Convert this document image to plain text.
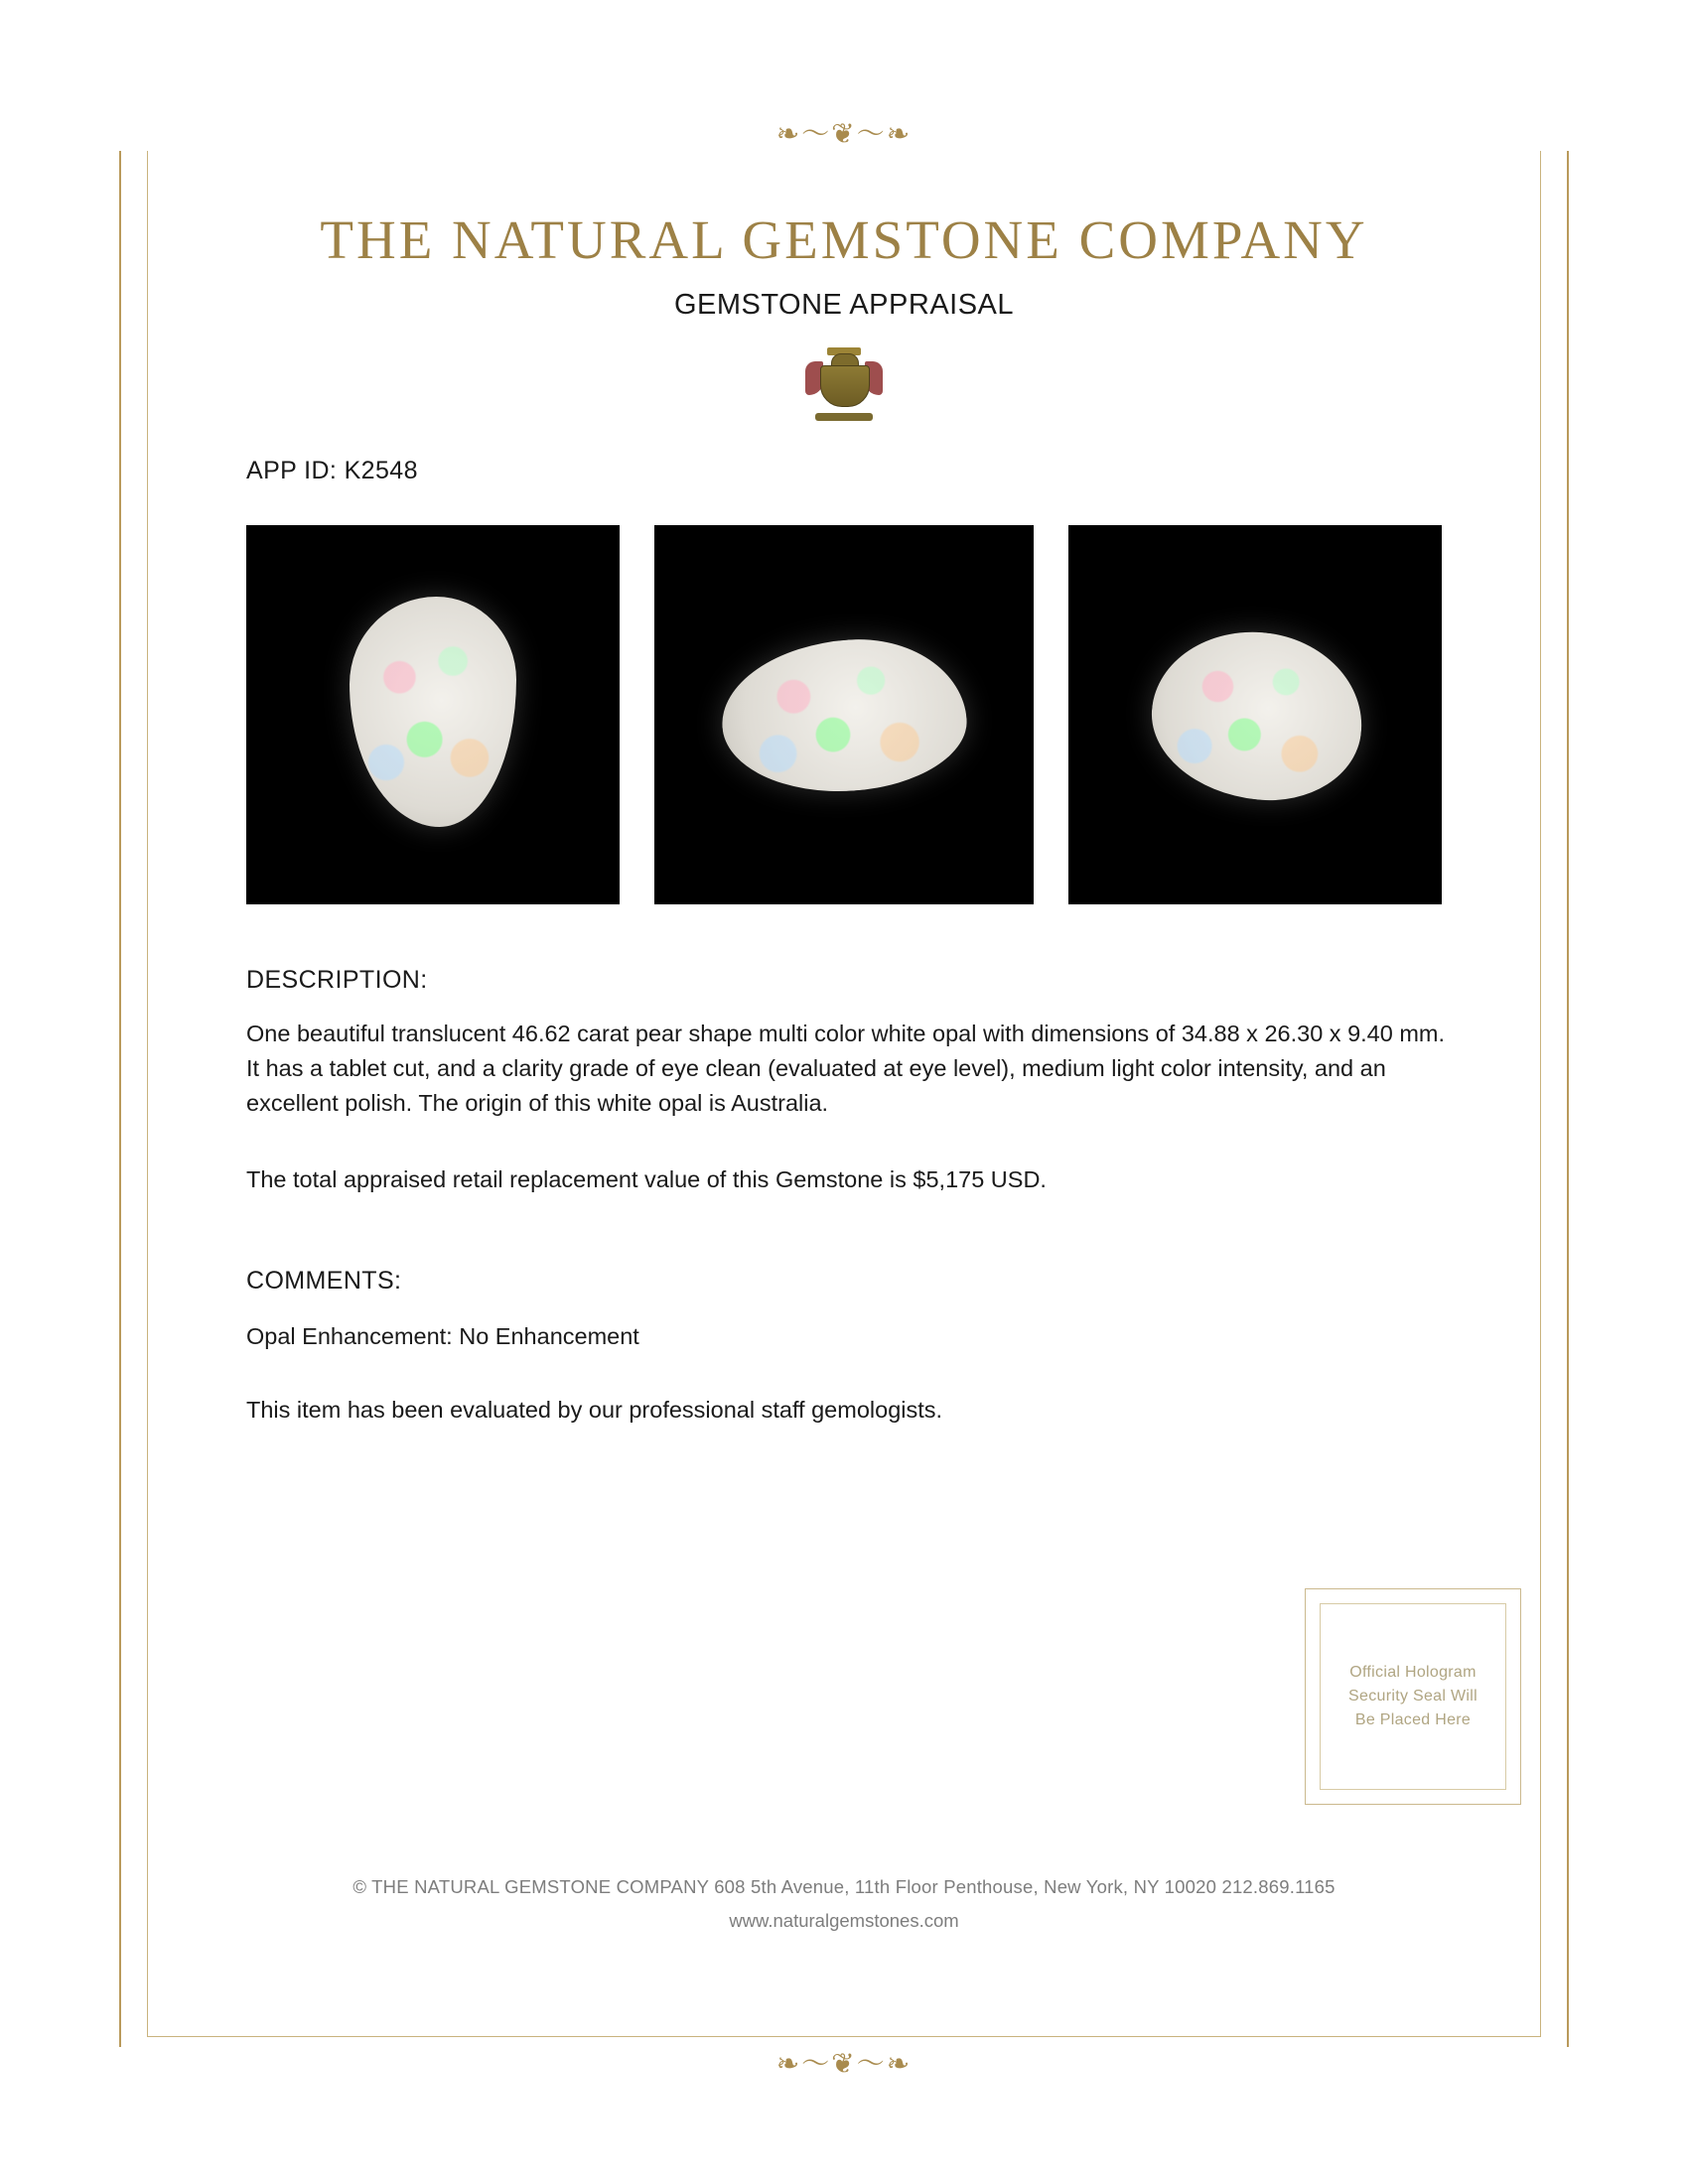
❧〜❦〜❧
THE NATURAL GEMSTONE COMPANY
GEMSTONE APPRAISAL
APP ID: K2548
DESCRIPTION:
One beautiful translucent 46.62 carat pear shape multi color white opal with dimensions of 34.88 x 26.30 x 9.40 mm. It has a tablet cut, and a clarity grade of eye clean (evaluated at eye level), medium light color intensity, and an excellent polish. The origin of this white opal is Australia.
The total appraised retail replacement value of this Gemstone is $5,175 USD.
COMMENTS:
Opal Enhancement: No Enhancement
This item has been evaluated by our professional staff gemologists.
Official Hologram
Security Seal Will
Be Placed Here
© THE NATURAL GEMSTONE COMPANY 608 5th Avenue, 11th Floor Penthouse, New York, NY 10020 212.869.1165
www.naturalgemstones.com
❧〜❦〜❧
